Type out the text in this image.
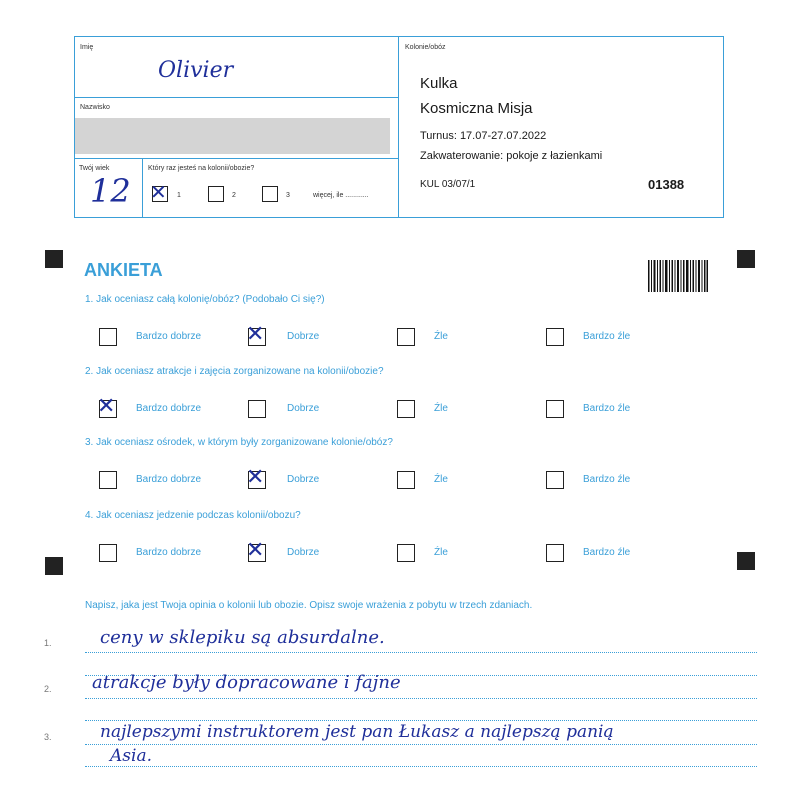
Imię
Olivier
Nazwisko
Twój wiek
12
Który raz jesteś na kolonii/obozie?
✕ 1	2	3	więcej, ile ............
Kolonie/obóz
Kulka
Kosmiczna Misja
Turnus: 17.07-27.07.2022
Zakwaterowanie: pokoje z łazienkami
KUL 03/07/1	01388
ANKIETA
1. Jak oceniasz całą kolonię/obóz? (Podobało Ci się?)
Bardzo dobrze ✕ Dobrze	Źle	Bardzo źle
2. Jak oceniasz atrakcje i zajęcia zorganizowane na kolonii/obozie?
✕ Bardzo dobrze	Dobrze	Źle	Bardzo źle
3. Jak oceniasz ośrodek, w którym były zorganizowane kolonie/obóz?
Bardzo dobrze ✕ Dobrze	Źle	Bardzo źle
4. Jak oceniasz jedzenie podczas kolonii/obozu?
Bardzo dobrze ✕ Dobrze	Źle	Bardzo źle
Napisz, jaka jest Twoja opinia o kolonii lub obozie. Opisz swoje wrażenia z pobytu w trzech zdaniach.
1.
2.
3.
ceny w sklepiku są absurdalne.
atrakcje były dopracowane i fajne
najlepszymi instruktorem jest pan Łukasz a najlepszą panią
Asia.
